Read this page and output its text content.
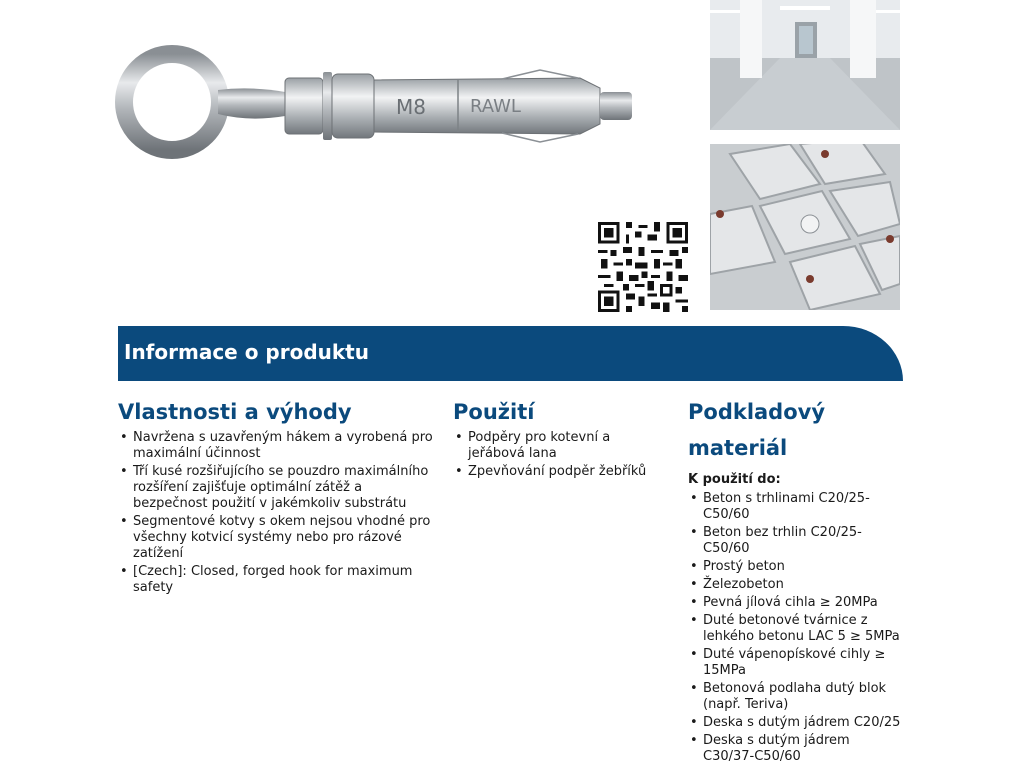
M8 RAWL
Informace o produktu
Vlastnosti a výhody
• Navržena s uzavřeným hákem a vyrobená pro maximální účinnost
• Tří kusé rozšiřujícího se pouzdro maximálního rozšíření zajišťuje optimální zátěž a bezpečnost použití v jakémkoliv substrátu
• Segmentové kotvy s okem nejsou vhodné pro všechny kotvicí systémy nebo pro rázové zatížení
• [Czech]: Closed, forged hook for maximum safety
Použití
• Podpěry pro kotevní a jeřábová lana
• Zpevňování podpěr žebříků
Podkladový materiál
K použití do:
• Beton s trhlinami C20/25-C50/60
• Beton bez trhlin C20/25-C50/60
• Prostý beton
• Železobeton
• Pevná jílová cihla ≥ 20MPa
• Duté betonové tvárnice z lehkého betonu LAC 5 ≥ 5MPa
• Duté vápenopískové cihly ≥ 15MPa
• Betonová podlaha dutý blok (např. Teriva)
• Deska s dutým jádrem C20/25
• Deska s dutým jádrem C30/37-C50/60
